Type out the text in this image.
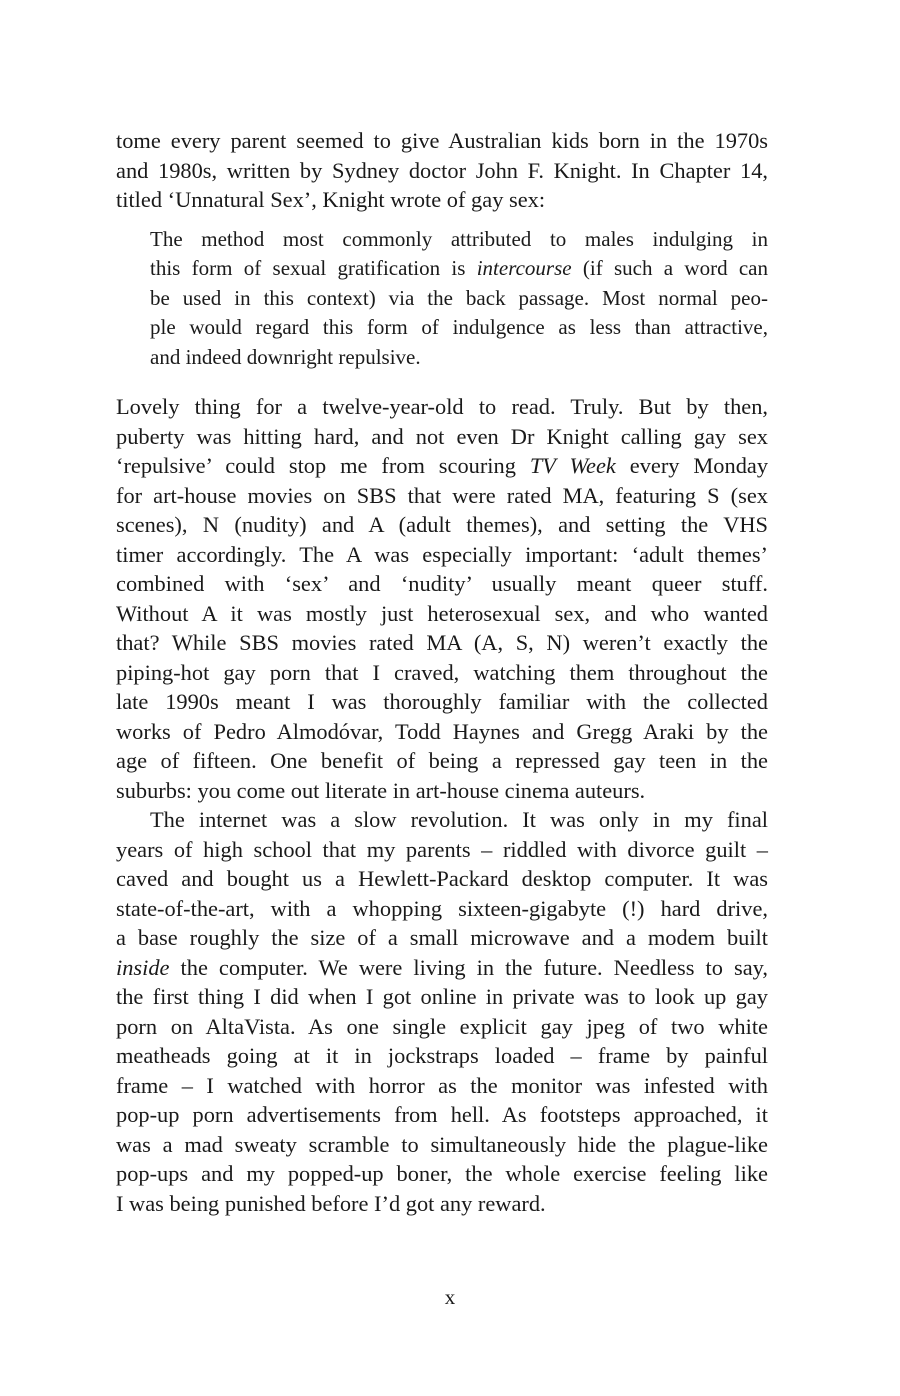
tome every parent seemed to give Australian kids born in the 1970s
and 1980s, written by Sydney doctor John F. Knight. In Chapter 14,
titled ‘Unnatural Sex’, Knight wrote of gay sex:
The method most commonly attributed to males indulging in
this form of sexual gratification is intercourse (if such a word can
be used in this context) via the back passage. Most normal peo-
ple would regard this form of indulgence as less than attractive,
and indeed downright repulsive.
Lovely thing for a twelve-year-old to read. Truly. But by then,
puberty was hitting hard, and not even Dr Knight calling gay sex
‘repulsive’ could stop me from scouring TV Week every Monday
for art-house movies on SBS that were rated MA, featuring S (sex
scenes), N (nudity) and A (adult themes), and setting the VHS
timer accordingly. The A was especially important: ‘adult themes’
combined with ‘sex’ and ‘nudity’ usually meant queer stuff.
Without A it was mostly just heterosexual sex, and who wanted
that? While SBS movies rated MA (A, S, N) weren’t exactly the
piping-hot gay porn that I craved, watching them throughout the
late 1990s meant I was thoroughly familiar with the collected
works of Pedro Almodóvar, Todd Haynes and Gregg Araki by the
age of fifteen. One benefit of being a repressed gay teen in the
suburbs: you come out literate in art-house cinema auteurs.
The internet was a slow revolution. It was only in my final
years of high school that my parents – riddled with divorce guilt –
caved and bought us a Hewlett-Packard desktop computer. It was
state-of-the-art, with a whopping sixteen-gigabyte (!) hard drive,
a base roughly the size of a small microwave and a modem built
inside the computer. We were living in the future. Needless to say,
the first thing I did when I got online in private was to look up gay
porn on AltaVista. As one single explicit gay jpeg of two white
meatheads going at it in jockstraps loaded – frame by painful
frame – I watched with horror as the monitor was infested with
pop-up porn advertisements from hell. As footsteps approached, it
was a mad sweaty scramble to simultaneously hide the plague-like
pop-ups and my popped-up boner, the whole exercise feeling like
I was being punished before I’d got any reward.
x
